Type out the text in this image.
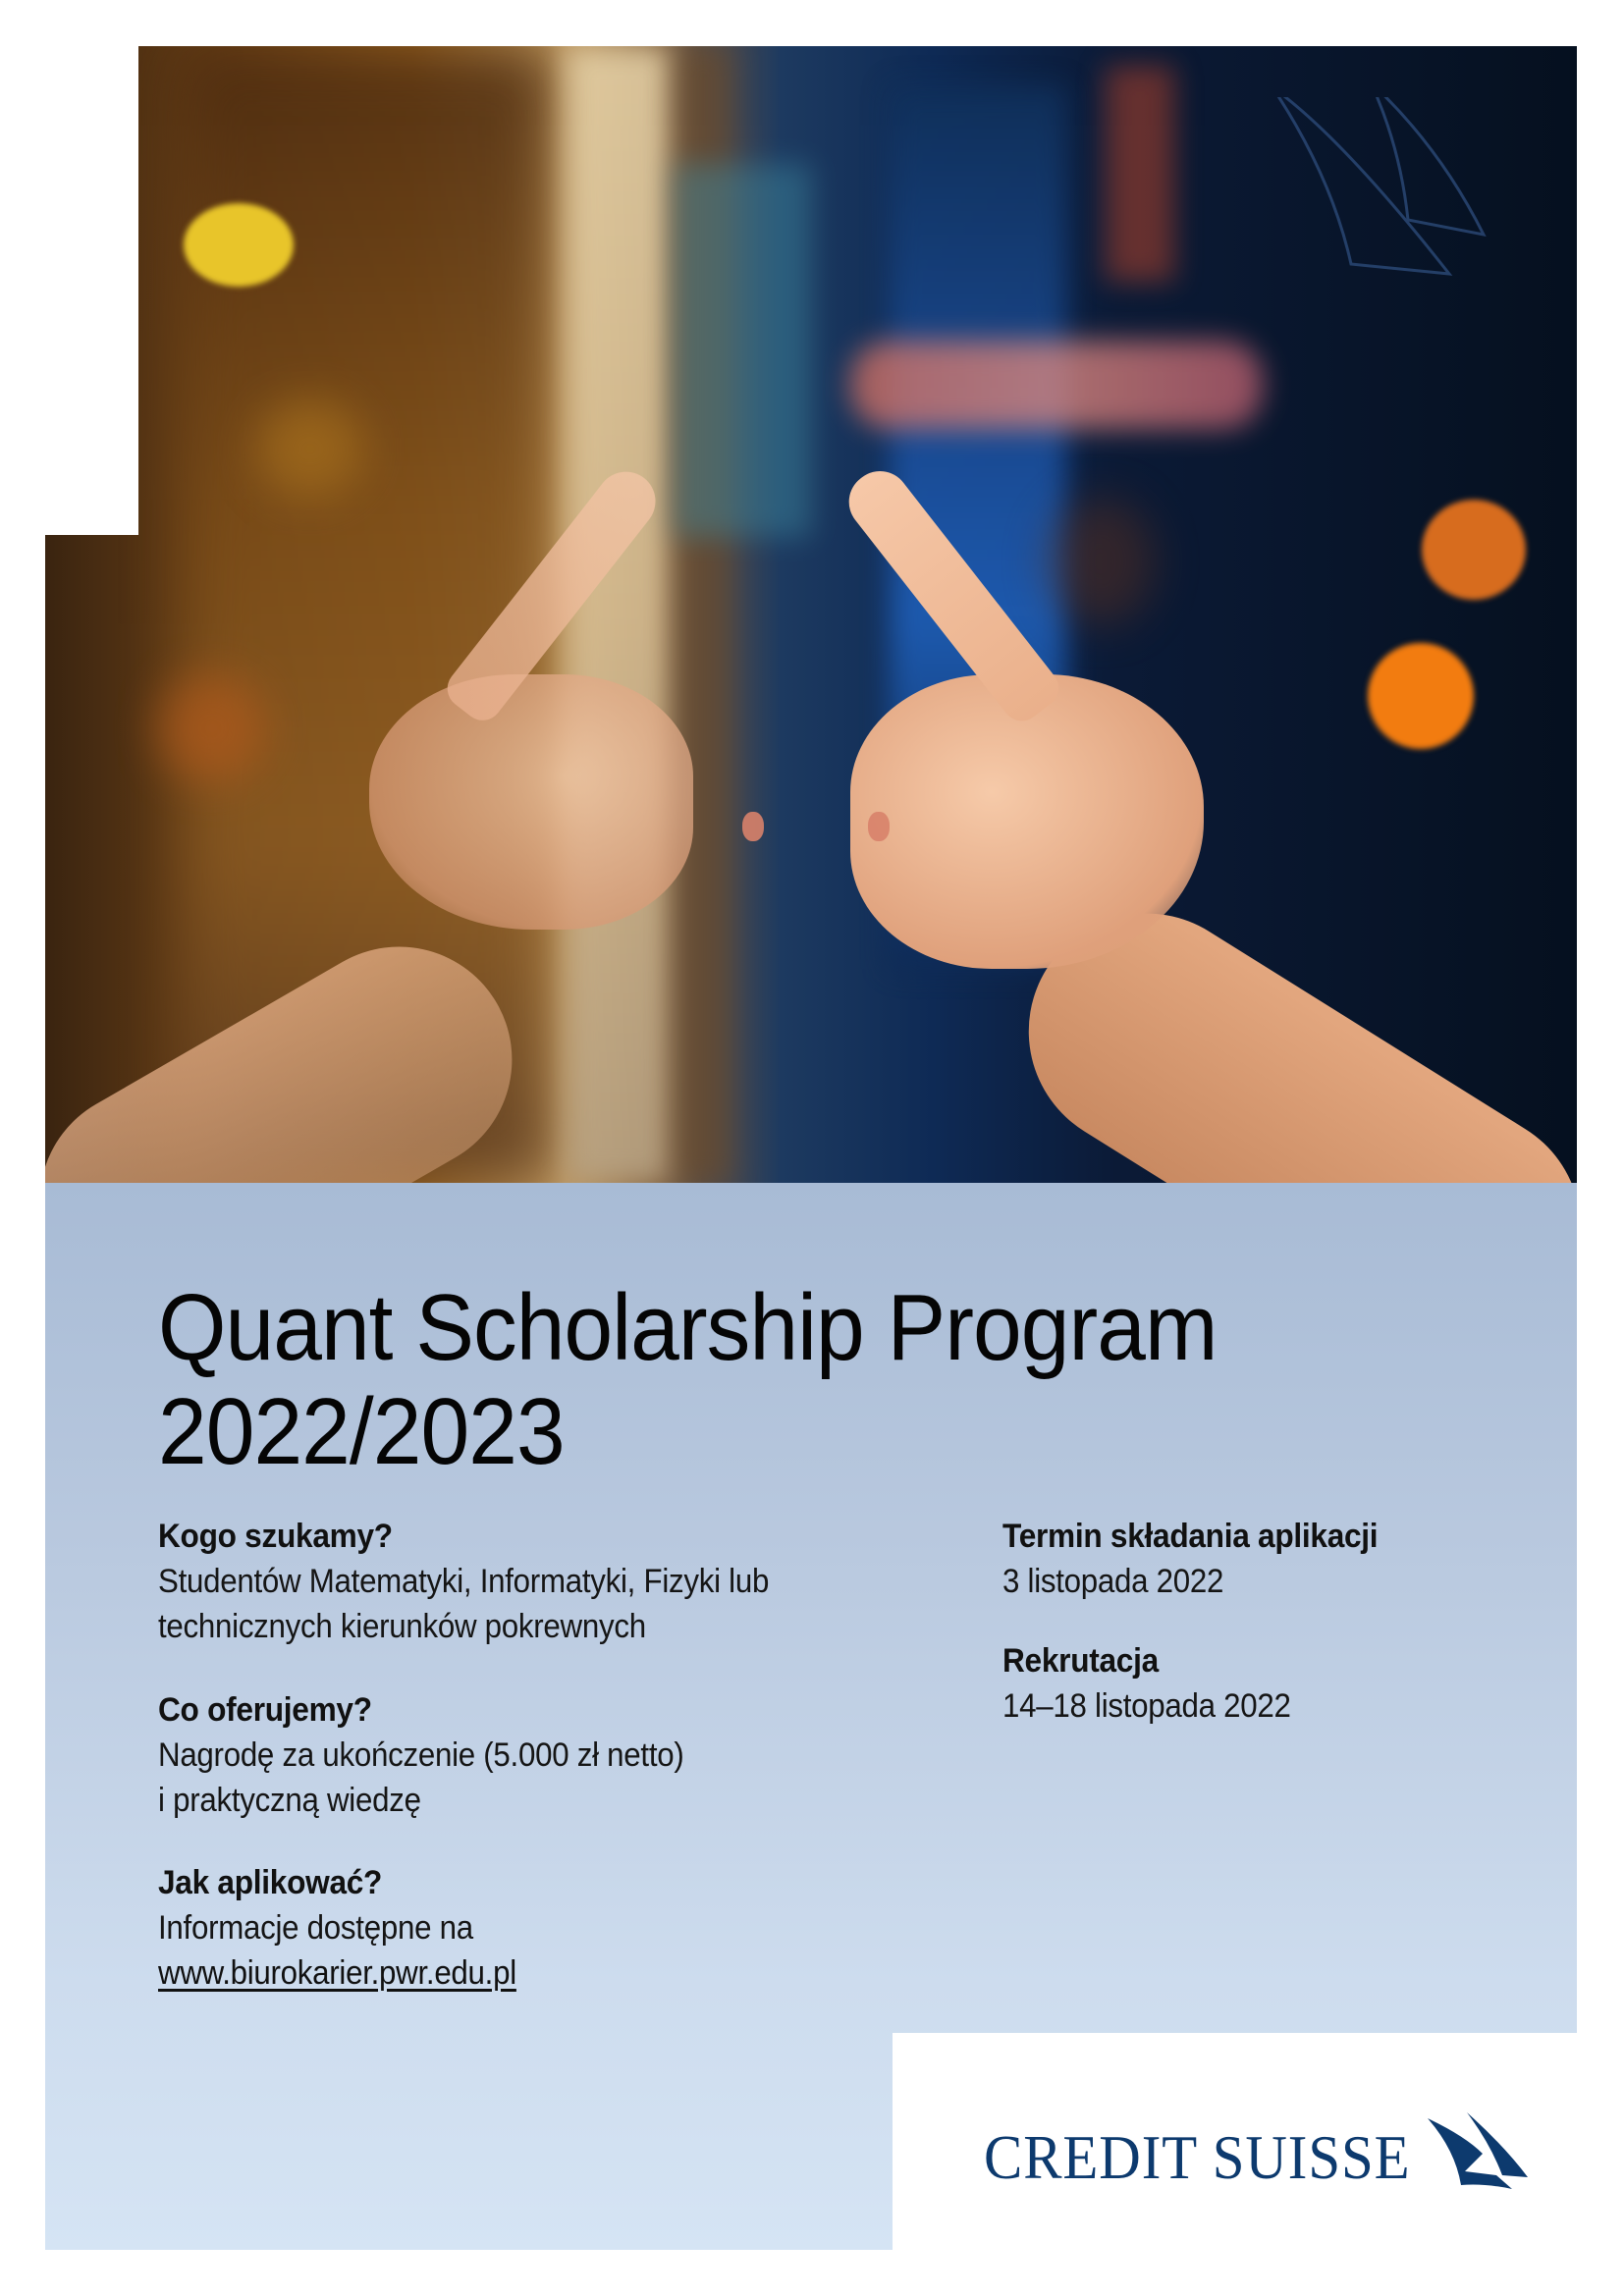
Quant Scholarship Program
2022/2023
Kogo szukamy?
Studentów Matematyki, Informatyki, Fizyki lub
technicznych kierunków pokrewnych
Co oferujemy?
Nagrodę za ukończenie (5.000 zł netto)
i praktyczną wiedzę
Jak aplikować?
Informacje dostępne na
www.biurokarier.pwr.edu.pl
Termin składania aplikacji
3 listopada 2022
Rekrutacja
14–18 listopada 2022
CREDIT SUISSE
